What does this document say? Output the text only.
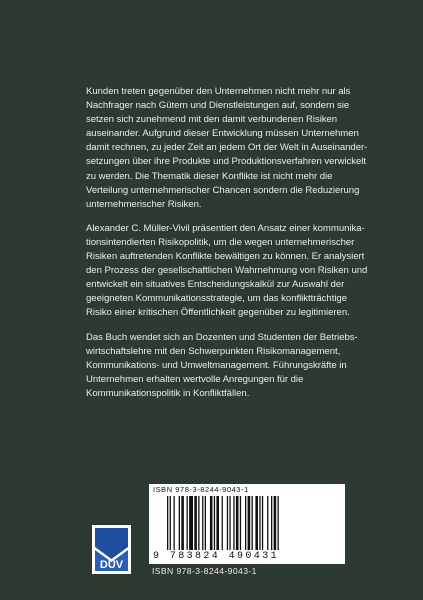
Kunden treten gegenüber den Unternehmen nicht mehr nur als
Nachfrager nach Gütern und Dienstleistungen auf, sondern sie
setzen sich zunehmend mit den damit verbundenen Risiken
auseinander. Aufgrund dieser Entwicklung müssen Unternehmen
damit rechnen, zu jeder Zeit an jedem Ort der Welt in Auseinander-
setzungen über ihre Produkte und Produktionsverfahren verwickelt
zu werden. Die Thematik dieser Konflikte ist nicht mehr die
Verteilung unternehmerischer Chancen sondern die Reduzierung
unternehmerischer Risiken.

Alexander C. Müller-Vivil präsentiert den Ansatz einer kommunika-
tionsintendierten Risikopolitik, um die wegen unternehmerischer
Risiken auftretenden Konflikte bewältigen zu können. Er analysiert
den Prozess der gesellschaftlichen Wahrnehmung von Risiken und
entwickelt ein situatives Entscheidungskalkül zur Auswahl der
geeigneten Kommunikationsstrategie, um das konfliktträchtige
Risiko einer kritischen Öffentlichkeit gegenüber zu legitimieren.

Das Buch wendet sich an Dozenten und Studenten der Betriebs-
wirtschaftslehre mit den Schwerpunkten Risikomanagement,
Kommunikations- und Umweltmanagement. Führungskräfte in
Unternehmen erhalten wertvolle Anregungen für die
Kommunikationspolitik in Konfliktfällen.

ISBN 978-3-8244-9043-1
9 783824 490431
DUV	ISBN 978-3-8244-9043-1
